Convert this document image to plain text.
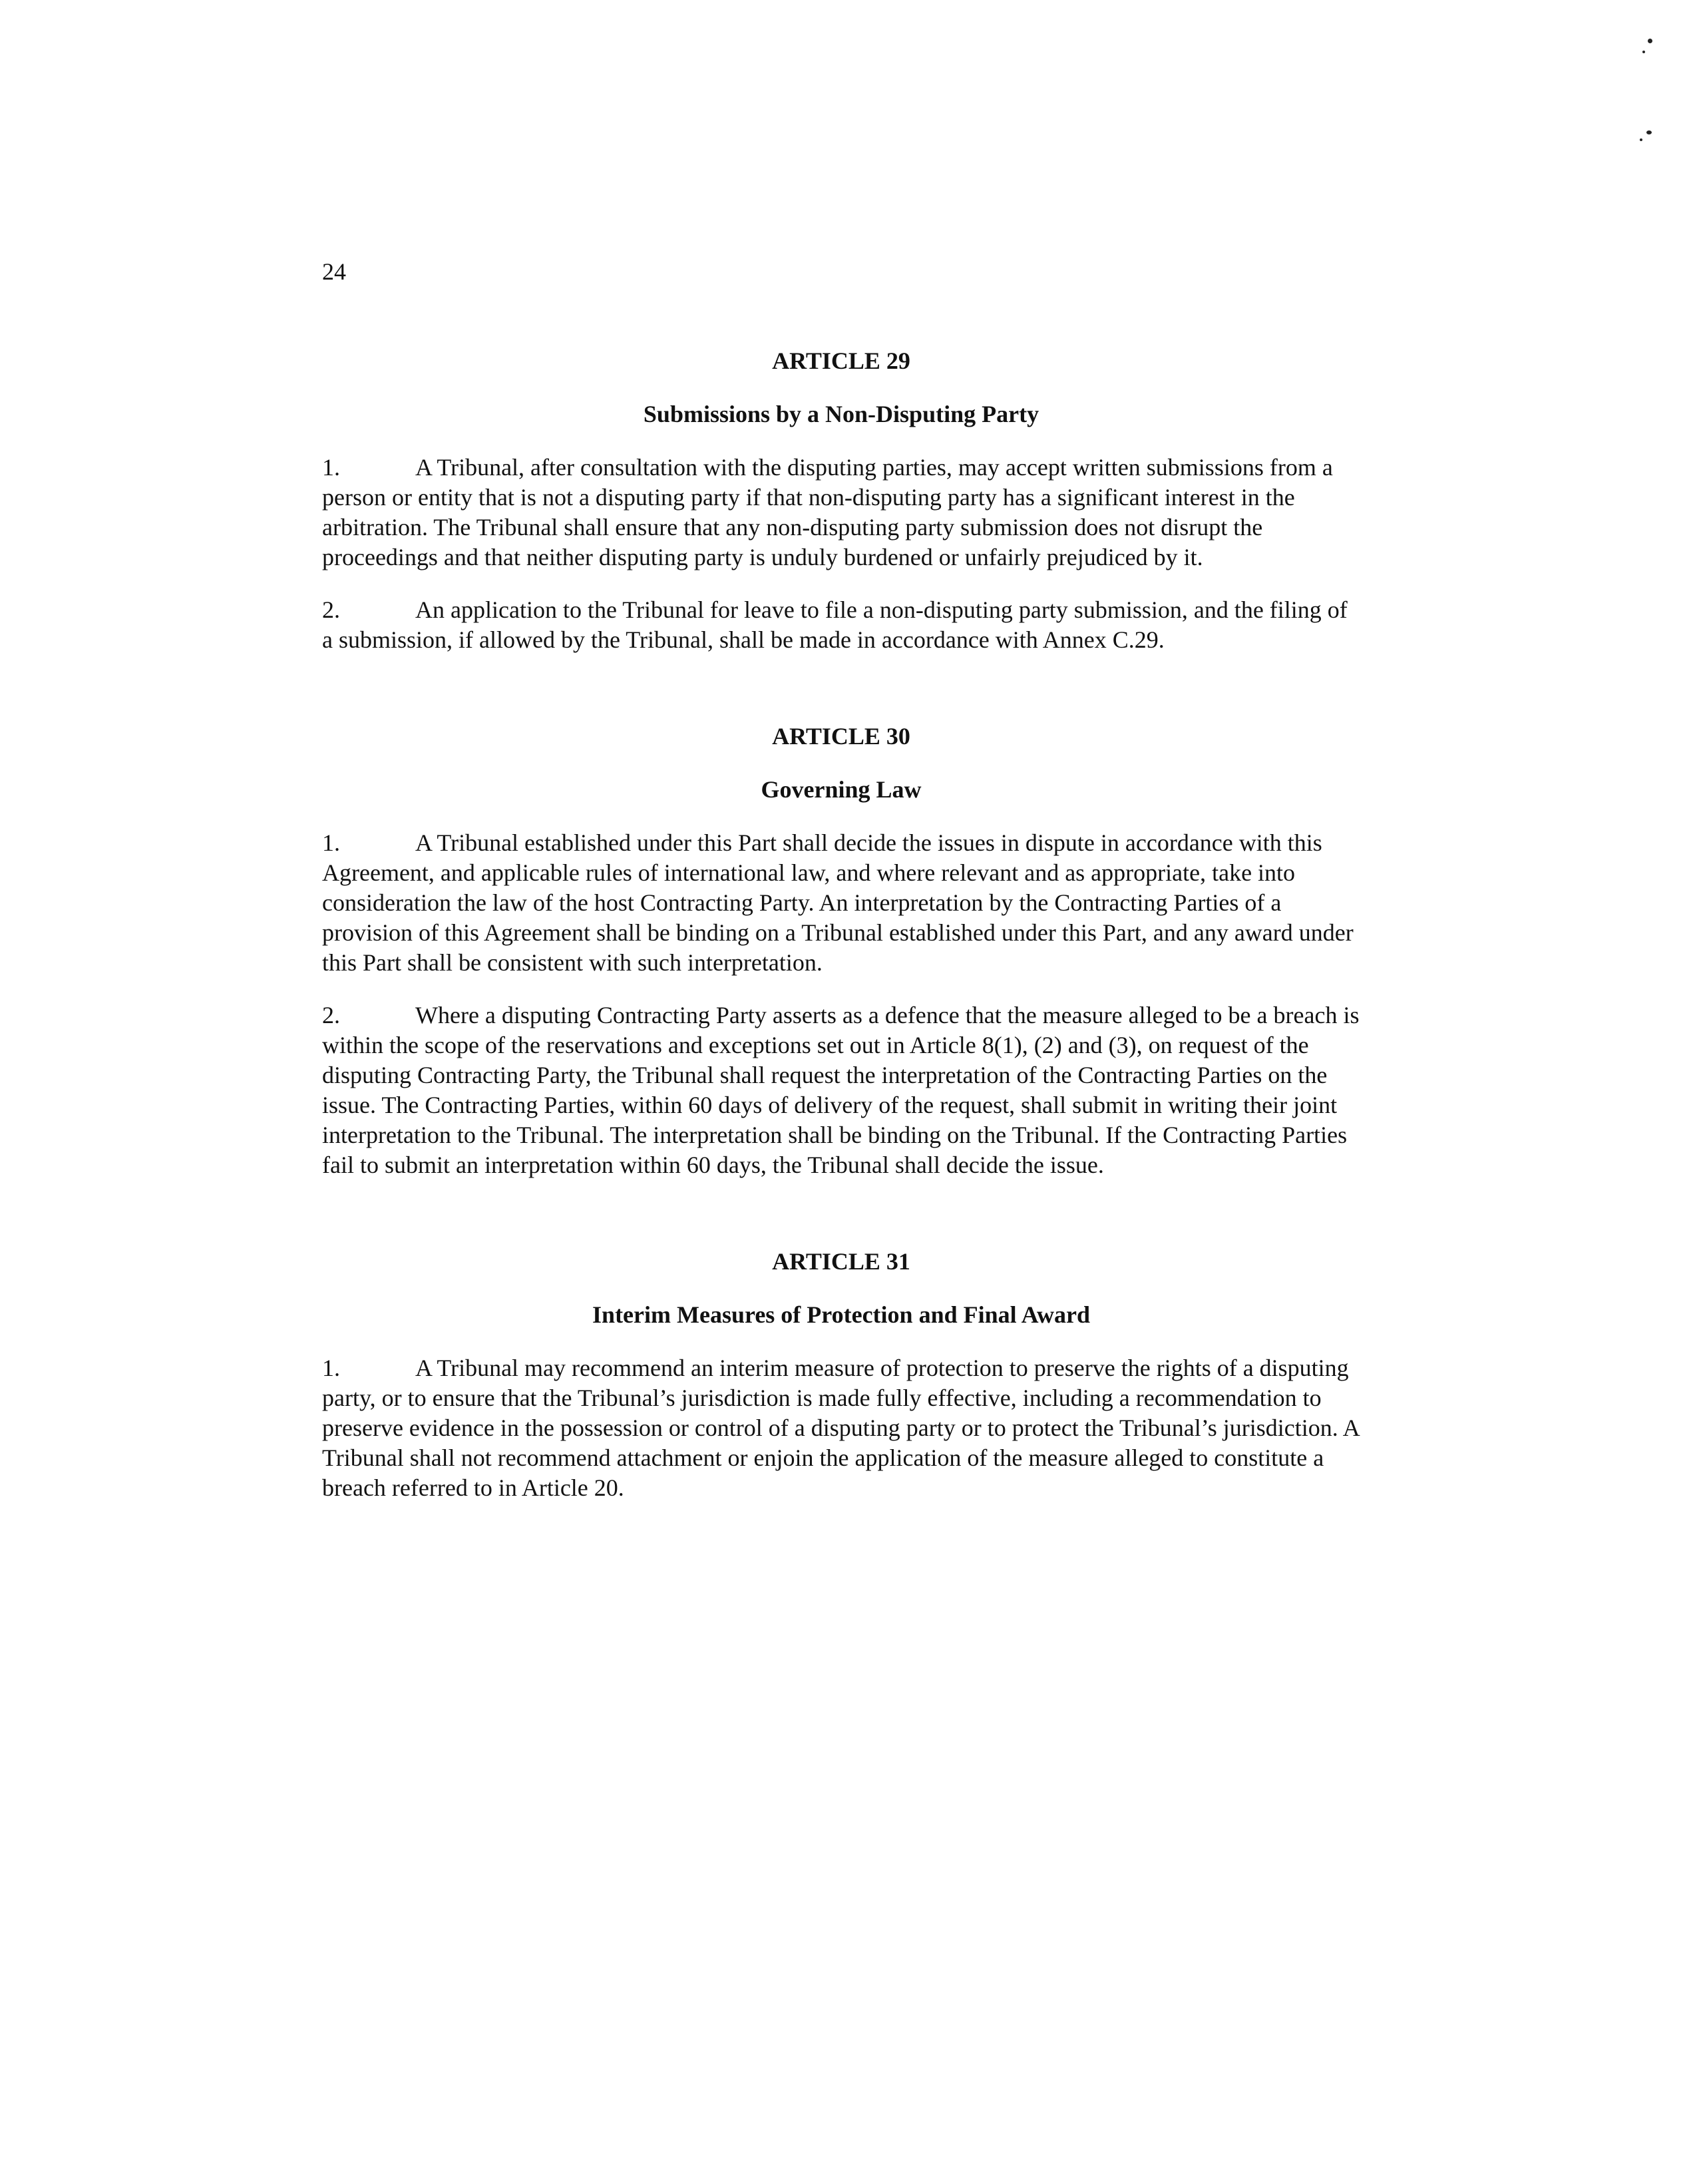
24
ARTICLE 29
Submissions by a Non-Disputing Party
1.	A Tribunal, after consultation with the disputing parties, may accept written submissions from a person or entity that is not a disputing party if that non-disputing party has a significant interest in the arbitration. The Tribunal shall ensure that any non-disputing party submission does not disrupt the proceedings and that neither disputing party is unduly burdened or unfairly prejudiced by it.
2.	An application to the Tribunal for leave to file a non-disputing party submission, and the filing of a submission, if allowed by the Tribunal, shall be made in accordance with Annex C.29.
ARTICLE 30
Governing Law
1.	A Tribunal established under this Part shall decide the issues in dispute in accordance with this Agreement, and applicable rules of international law, and where relevant and as appropriate, take into consideration the law of the host Contracting Party. An interpretation by the Contracting Parties of a provision of this Agreement shall be binding on a Tribunal established under this Part, and any award under this Part shall be consistent with such interpretation.
2.	Where a disputing Contracting Party asserts as a defence that the measure alleged to be a breach is within the scope of the reservations and exceptions set out in Article 8(1), (2) and (3), on request of the disputing Contracting Party, the Tribunal shall request the interpretation of the Contracting Parties on the issue. The Contracting Parties, within 60 days of delivery of the request, shall submit in writing their joint interpretation to the Tribunal. The interpretation shall be binding on the Tribunal. If the Contracting Parties fail to submit an interpretation within 60 days, the Tribunal shall decide the issue.
ARTICLE 31
Interim Measures of Protection and Final Award
1.	A Tribunal may recommend an interim measure of protection to preserve the rights of a disputing party, or to ensure that the Tribunal’s jurisdiction is made fully effective, including a recommendation to preserve evidence in the possession or control of a disputing party or to protect the Tribunal’s jurisdiction. A Tribunal shall not recommend attachment or enjoin the application of the measure alleged to constitute a breach referred to in Article 20.
